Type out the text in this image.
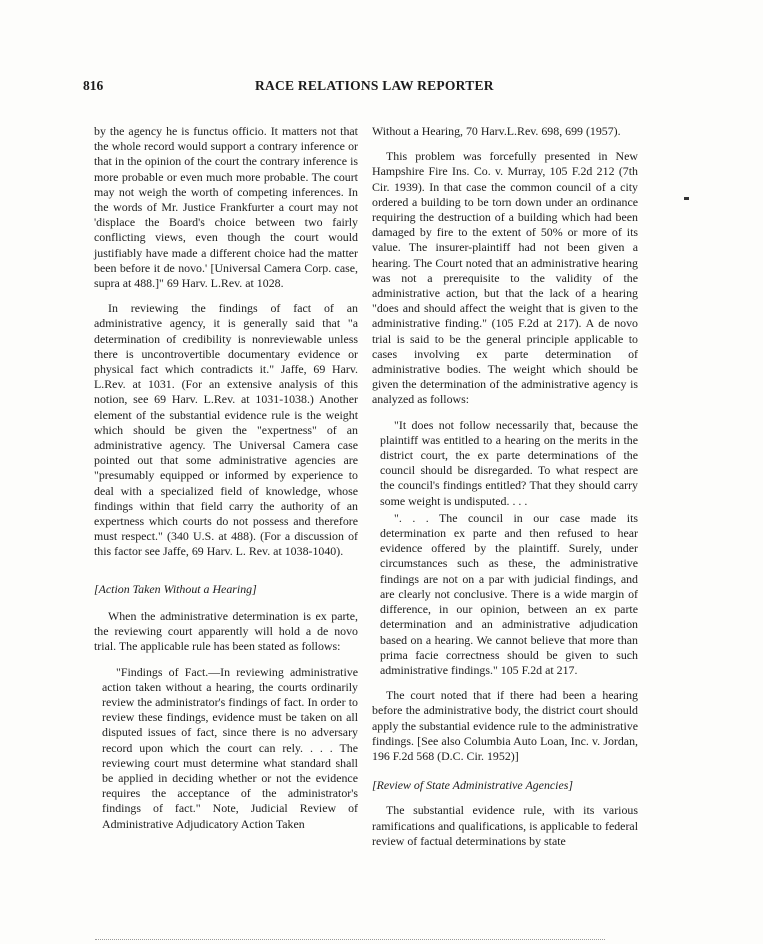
816	RACE RELATIONS LAW REPORTER

by the agency he is functus officio. It matters not that the whole record would support a contrary inference or that in the opinion of the court the contrary inference is more probable or even much more probable. The court may not weigh the worth of competing inferences. In the words of Mr. Justice Frankfurter a court may not 'displace the Board's choice between two fairly conflicting views, even though the court would justifiably have made a different choice had the matter been before it de novo.' [Universal Camera Corp. case, supra at 488.]" 69 Harv. L.Rev. at 1028.

In reviewing the findings of fact of an administrative agency, it is generally said that "a determination of credibility is nonreviewable unless there is uncontrovertible documentary evidence or physical fact which contradicts it." Jaffe, 69 Harv. L.Rev. at 1031. (For an extensive analysis of this notion, see 69 Harv. L.Rev. at 1031-1038.) Another element of the substantial evidence rule is the weight which should be given the "expertness" of an administrative agency. The Universal Camera case pointed out that some administrative agencies are "presumably equipped or informed by experience to deal with a specialized field of knowledge, whose findings within that field carry the authority of an expertness which courts do not possess and therefore must respect." (340 U.S. at 488). (For a discussion of this factor see Jaffe, 69 Harv. L. Rev. at 1038-1040).

[Action Taken Without a Hearing]

When the administrative determination is ex parte, the reviewing court apparently will hold a de novo trial. The applicable rule has been stated as follows:

"Findings of Fact.—In reviewing administrative action taken without a hearing, the courts ordinarily review the administrator's findings of fact. In order to review these findings, evidence must be taken on all disputed issues of fact, since there is no adversary record upon which the court can rely. . . . The reviewing court must determine what standard shall be applied in deciding whether or not the evidence requires the acceptance of the administrator's findings of fact." Note, Judicial Review of Administrative Adjudicatory Action Taken

Without a Hearing, 70 Harv.L.Rev. 698, 699 (1957).

This problem was forcefully presented in New Hampshire Fire Ins. Co. v. Murray, 105 F.2d 212 (7th Cir. 1939). In that case the common council of a city ordered a building to be torn down under an ordinance requiring the destruction of a building which had been damaged by fire to the extent of 50% or more of its value. The insurer-plaintiff had not been given a hearing. The Court noted that an administrative hearing was not a prerequisite to the validity of the administrative action, but that the lack of a hearing "does and should affect the weight that is given to the administrative finding." (105 F.2d at 217). A de novo trial is said to be the general principle applicable to cases involving ex parte determination of administrative bodies. The weight which should be given the determination of the administrative agency is analyzed as follows:

"It does not follow necessarily that, because the plaintiff was entitled to a hearing on the merits in the district court, the ex parte determinations of the council should be disregarded. To what respect are the council's findings entitled? That they should carry some weight is undisputed. . . .

". . . The council in our case made its determination ex parte and then refused to hear evidence offered by the plaintiff. Surely, under circumstances such as these, the administrative findings are not on a par with judicial findings, and are clearly not conclusive. There is a wide margin of difference, in our opinion, between an ex parte determination and an administrative adjudication based on a hearing. We cannot believe that more than prima facie correctness should be given to such administrative findings." 105 F.2d at 217.

The court noted that if there had been a hearing before the administrative body, the district court should apply the substantial evidence rule to the administrative findings. [See also Columbia Auto Loan, Inc. v. Jordan, 196 F.2d 568 (D.C. Cir. 1952)]

[Review of State Administrative Agencies]

The substantial evidence rule, with its various ramifications and qualifications, is applicable to federal review of factual determinations by state
